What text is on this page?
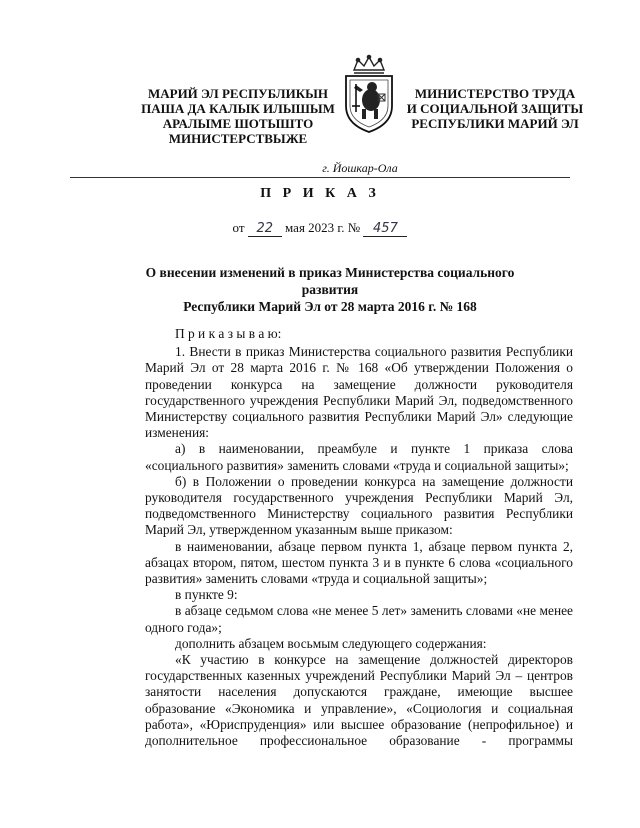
МАРИЙ ЭЛ РЕСПУБЛИКЫН
ПАША ДА КАЛЫК ИЛЫШЫМ
АРАЛЫМЕ ШОТЫШТО
МИНИСТЕРСТВЫЖЕ
МИНИСТЕРСТВО ТРУДА
И СОЦИАЛЬНОЙ ЗАЩИТЫ
РЕСПУБЛИКИ МАРИЙ ЭЛ
г. Йошкар-Ола
П Р И К А З
от 22 мая 2023 г. № 457
О внесении изменений в приказ Министерства социального развития
Республики Марий Эл от 28 марта 2016 г. № 168

П р и к а з ы в а ю:

1. Внести в приказ Министерства социального развития Республики Марий Эл от 28 марта 2016 г. № 168 «Об утверждении Положения о проведении конкурса на замещение должности руководителя государственного учреждения Республики Марий Эл, подведомственного Министерству социального развития Республики Марий Эл» следующие изменения:

а) в наименовании, преамбуле и пункте 1 приказа слова «социального развития» заменить словами «труда и социальной защиты»;

б) в Положении о проведении конкурса на замещение должности руководителя государственного учреждения Республики Марий Эл, подведомственного Министерству социального развития Республики Марий Эл, утвержденном указанным выше приказом:

в наименовании, абзаце первом пункта 1, абзаце первом пункта 2, абзацах втором, пятом, шестом пункта 3 и в пункте 6 слова «социального развития» заменить словами «труда и социальной защиты»;

в пункте 9:

в абзаце седьмом слова «не менее 5 лет» заменить словами «не менее одного года»;

дополнить абзацем восьмым следующего содержания:

«К участию в конкурсе на замещение должностей директоров государственных казенных учреждений Республики Марий Эл – центров занятости населения допускаются граждане, имеющие высшее образование «Экономика и управление», «Социология и социальная работа», «Юриспруденция» или высшее образование (непрофильное) и дополнительное профессиональное образование - программы
